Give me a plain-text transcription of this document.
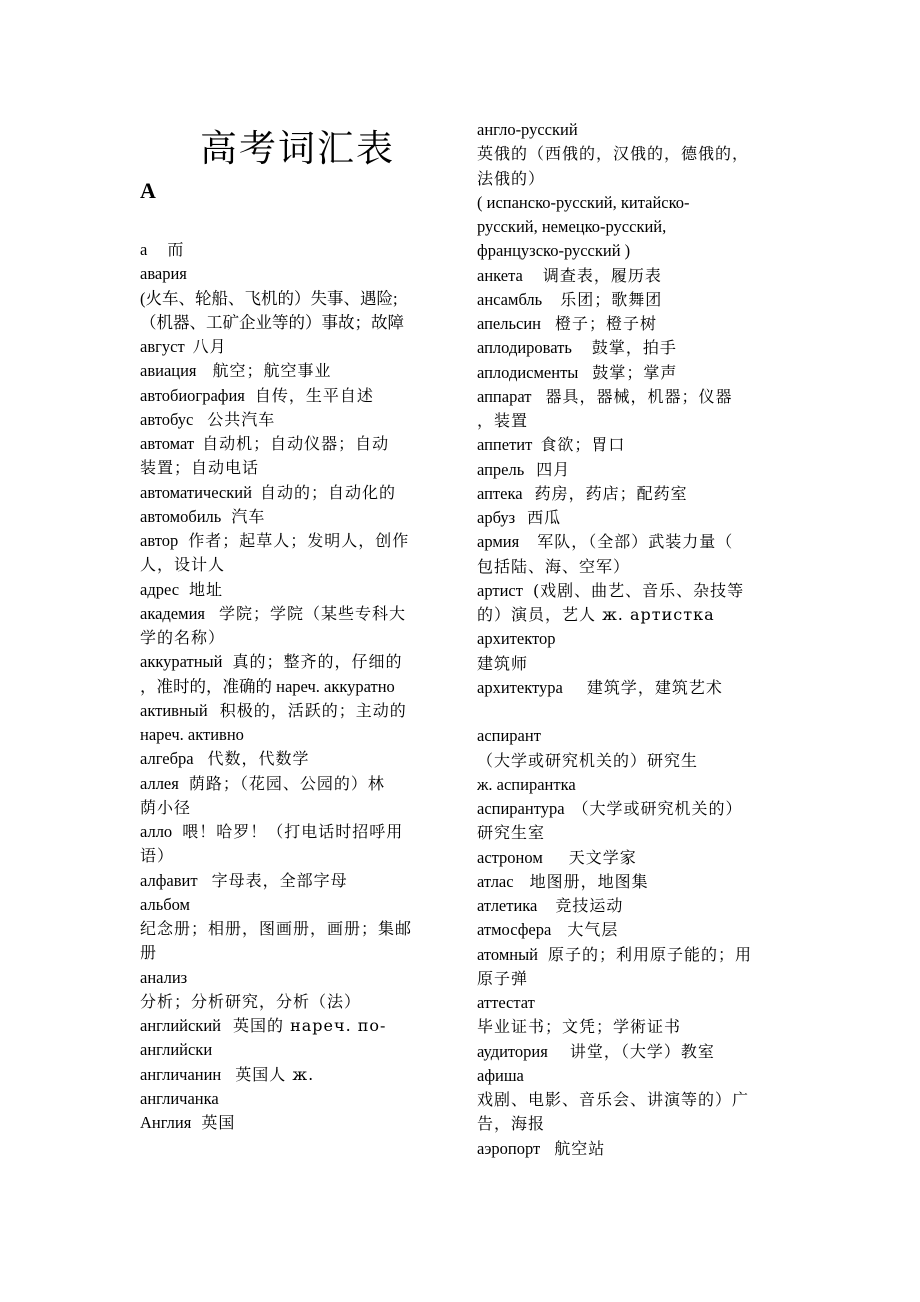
高考词汇表
A
а 而
авария
(火车、轮船、飞机的）失事、遇险;
（机器、工矿企业等的）事故；故障
август 八月
авиация 航空；航空事业
автобиография 自传，生平自述
автобус 公共汽车
автомат 自动机；自动仪器；自动
装置；自动电话
автоматический 自动的；自动化的
автомобиль 汽车
автор 作者；起草人；发明人，创作
人，设计人
адрес 地址
академия 学院；学院（某些专科大
学的名称）
аккуратный 真的；整齐的，仔细的
，准时的，准确的 нареч. аккуратно
активный 积极的，活跃的；主动的
нареч. активно
алгебра 代数，代数学
аллея 荫路；（花园、公园的）林
荫小径
алло 喂！哈罗！（打电话时招呼用
语）
алфавит 字母表，全部字母
альбом
纪念册；相册，图画册，画册；集邮
册
анализ
分析；分析研究，分析（法）
английский 英国的 нареч. по-
английски
англичанин 英国人 ж.
англичанка
Англия 英国
англо-русский
英俄的（西俄的，汉俄的，德俄的，
法俄的）
( испанско-русский, китайско-
русский, немецко-русский,
французско-русский )
анкета 调查表，履历表
ансамбль 乐团；歌舞团
апельсин 橙子；橙子树
аплодировать 鼓掌，拍手
аплодисменты 鼓掌；掌声
аппарат 器具，器械，机器；仪器
，装置
аппетит 食欲；胃口
апрель 四月
аптека 药房，药店；配药室
арбуз 西瓜
армия 军队，（全部）武装力量（
包括陆、海、空军）
артист (戏剧、曲艺、音乐、杂技等
的）演员，艺人 ж. артистка
архитектор
建筑师
архитектура 建筑学，建筑艺术
аспирант
（大学或研究机关的）研究生
ж. аспирантка
аспирантура （大学或研究机关的）
研究生室
астроном 天文学家
атлас 地图册，地图集
атлетика 竞技运动
атмосфера 大气层
атомный 原子的；利用原子能的；用
原子弹
аттестат
毕业证书；文凭；学術证书
аудитория 讲堂，（大学）教室
афиша
戏剧、电影、音乐会、讲演等的）广
告，海报
аэропорт 航空站
